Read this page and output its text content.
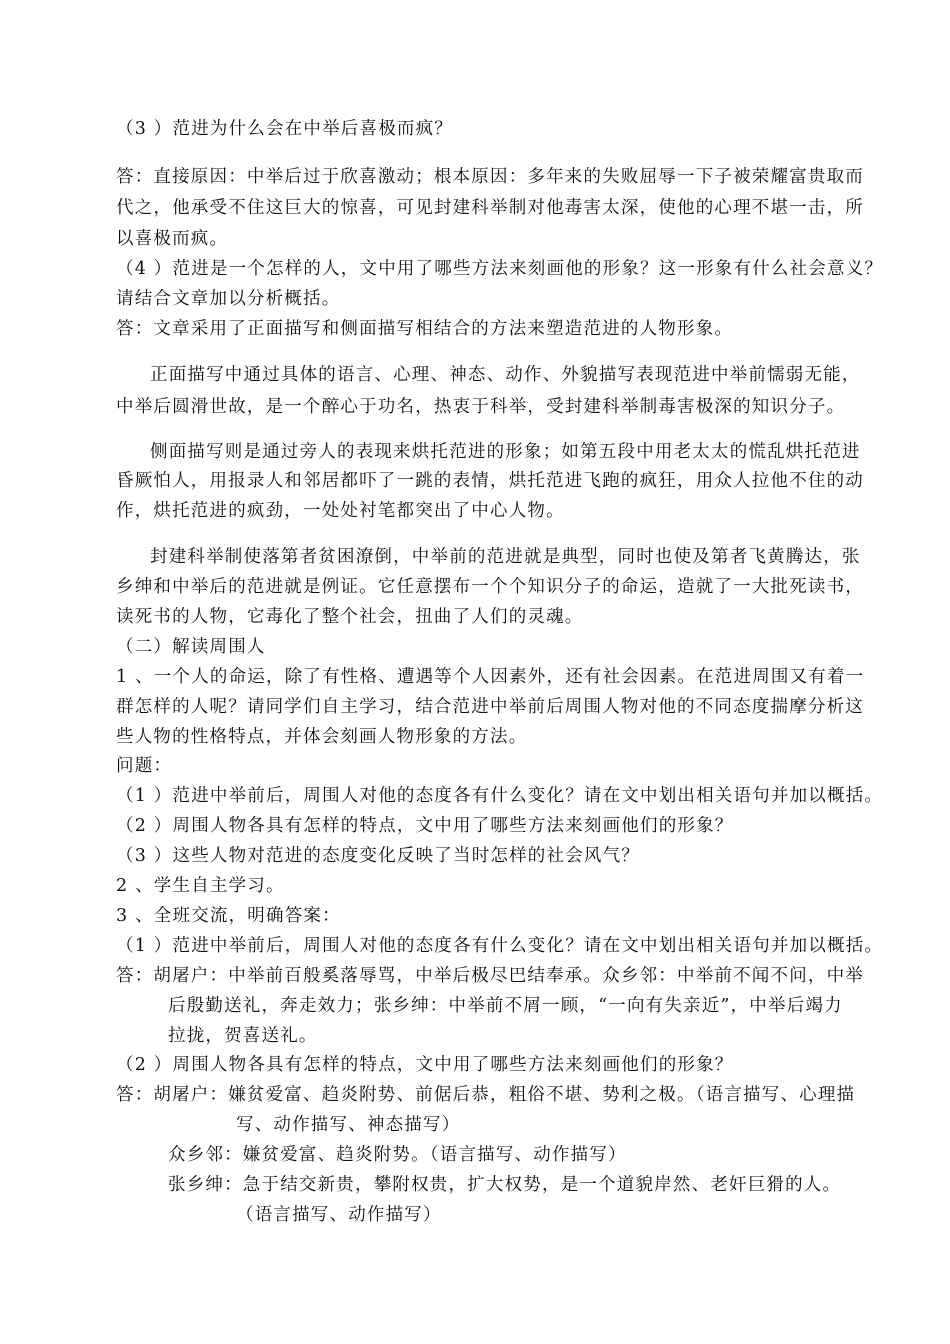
（3 ）范进为什么会在中举后喜极而疯？
答：直接原因：中举后过于欣喜激动；根本原因：多年来的失败屈辱一下子被荣耀富贵取而
代之，他承受不住这巨大的惊喜，可见封建科举制对他毒害太深，使他的心理不堪一击，所
以喜极而疯。
（4 ）范进是一个怎样的人，文中用了哪些方法来刻画他的形象？这一形象有什么社会意义？
请结合文章加以分析概括。
答：文章采用了正面描写和侧面描写相结合的方法来塑造范进的人物形象。
正面描写中通过具体的语言、心理、神态、动作、外貌描写表现范进中举前懦弱无能，
中举后圆滑世故，是一个醉心于功名，热衷于科举，受封建科举制毒害极深的知识分子。
侧面描写则是通过旁人的表现来烘托范进的形象；如第五段中用老太太的慌乱烘托范进
昏厥怕人，用报录人和邻居都吓了一跳的表情，烘托范进飞跑的疯狂，用众人拉他不住的动
作，烘托范进的疯劲，一处处衬笔都突出了中心人物。
封建科举制使落第者贫困潦倒，中举前的范进就是典型，同时也使及第者飞黄腾达，张
乡绅和中举后的范进就是例证。它任意摆布一个个知识分子的命运，造就了一大批死读书，
读死书的人物，它毒化了整个社会，扭曲了人们的灵魂。
（二）解读周围人
1 、一个人的命运，除了有性格、遭遇等个人因素外，还有社会因素。在范进周围又有着一
群怎样的人呢？请同学们自主学习，结合范进中举前后周围人物对他的不同态度揣摩分析这
些人物的性格特点，并体会刻画人物形象的方法。
问题：
（1 ）范进中举前后，周围人对他的态度各有什么变化？请在文中划出相关语句并加以概括。
（2 ）周围人物各具有怎样的特点，文中用了哪些方法来刻画他们的形象？
（3 ）这些人物对范进的态度变化反映了当时怎样的社会风气？
2 、学生自主学习。
3 、全班交流，明确答案：
（1 ）范进中举前后，周围人对他的态度各有什么变化？请在文中划出相关语句并加以概括。
答：胡屠户：中举前百般奚落辱骂，中举后极尽巴结奉承。众乡邻：中举前不闻不问，中举
后殷勤送礼，奔走效力；张乡绅：中举前不屑一顾，“一向有失亲近”，中举后竭力
拉拢，贺喜送礼。
（2 ）周围人物各具有怎样的特点，文中用了哪些方法来刻画他们的形象？
答：胡屠户：嫌贫爱富、趋炎附势、前倨后恭，粗俗不堪、势利之极。（语言描写、心理描
写、动作描写、神态描写）
众乡邻：嫌贫爱富、趋炎附势。（语言描写、动作描写）
张乡绅：急于结交新贵，攀附权贵，扩大权势，是一个道貌岸然、老奸巨猾的人。
（语言描写、动作描写）
